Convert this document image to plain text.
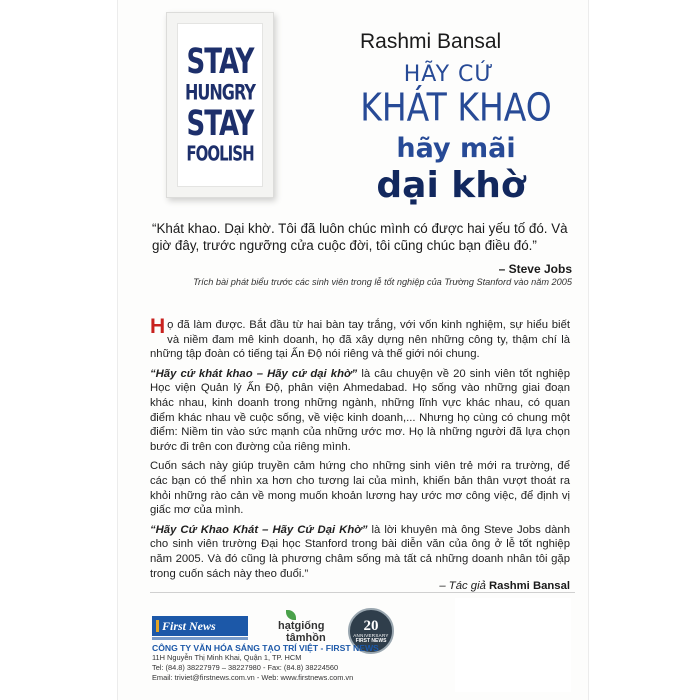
STAY
HUNGRY
STAY
FOOLISH
Rashmi Bansal
HÃY CỨ
KHÁT KHAO
hãy mãi
dại khờ
“Khát khao. Dại khờ. Tôi đã luôn chúc mình có được hai yếu tố đó. Và giờ đây, trước ngưỡng cửa cuộc đời, tôi cũng chúc bạn điều đó.”
– Steve Jobs
Trích bài phát biểu trước các sinh viên trong lễ tốt nghiệp của Trường Stanford vào năm 2005
Họ đã làm được. Bắt đầu từ hai bàn tay trắng, với vốn kinh nghiệm, sự hiểu biết và niềm đam mê kinh doanh, họ đã xây dựng nên những công ty, thậm chí là những tập đoàn có tiếng tại Ấn Độ nói riêng và thế giới nói chung.
“Hãy cứ khát khao – Hãy cứ dại khờ” là câu chuyện về 20 sinh viên tốt nghiệp Học viện Quản lý Ấn Độ, phân viện Ahmedabad. Họ sống vào những giai đoạn khác nhau, kinh doanh trong những ngành, những lĩnh vực khác nhau, có quan điểm khác nhau về cuộc sống, về việc kinh doanh,... Nhưng họ cùng có chung một điểm: Niềm tin vào sức mạnh của những ước mơ. Họ là những người đã lựa chọn bước đi trên con đường của riêng mình.
Cuốn sách này giúp truyền cảm hứng cho những sinh viên trẻ mới ra trường, để các bạn có thể nhìn xa hơn cho tương lai của mình, khiến bản thân vượt thoát ra khỏi những rào cản về mong muốn khoản lương hay ước mơ công việc, để định vị giấc mơ của mình.
“Hãy Cứ Khao Khát – Hãy Cứ Dại Khờ” là lời khuyên mà ông Steve Jobs dành cho sinh viên trường Đại học Stanford trong bài diễn văn của ông ở lễ tốt nghiệp năm 2005. Và đó cũng là phương châm sống mà tất cả những doanh nhân tôi gặp trong cuốn sách này theo đuổi.”
– Tác giả Rashmi Bansal
First News	hạtgiống
tâmhồn
20
ANNIVERSARY
FIRST NEWS
CÔNG TY VĂN HÓA SÁNG TẠO TRÍ VIỆT - FIRST NEWS
11H Nguyễn Thị Minh Khai, Quận 1, TP. HCM
Tel: (84.8) 38227979 – 38227980 - Fax: (84.8) 38224560
Email: triviet@firstnews.com.vn - Web: www.firstnews.com.vn
